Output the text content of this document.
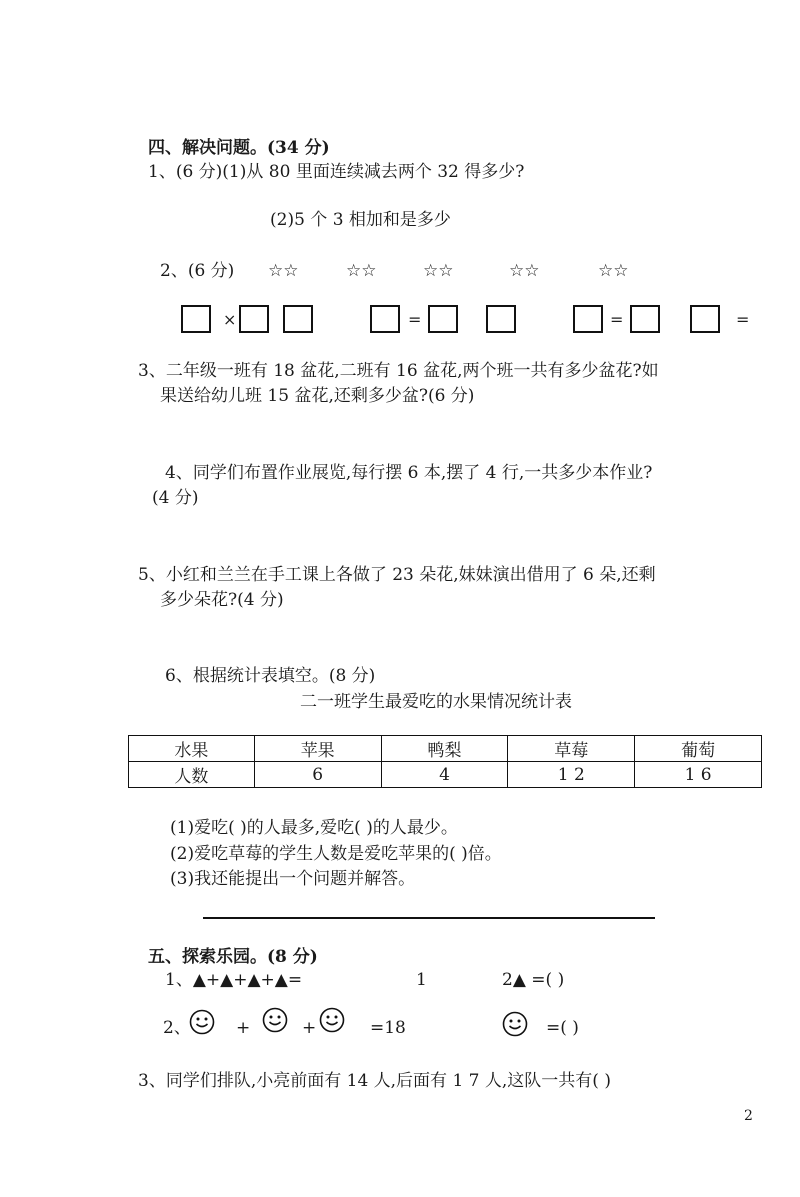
四、解决问题。(34 分)
1、(6 分)(1)从 80 里面连续减去两个 32 得多少?
(2)5 个 3 相加和是多少
2、(6 分) ☆☆	☆☆	☆☆	☆☆	☆☆
×	=	=	=
3、二年级一班有 18 盆花,二班有 16 盆花,两个班一共有多少盆花?如
果送给幼儿班 15 盆花,还剩多少盆?(6 分)
4、同学们布置作业展览,每行摆 6 本,摆了 4 行,一共多少本作业?
(4 分)
5、小红和兰兰在手工课上各做了 23 朵花,妹妹演出借用了 6 朵,还剩
多少朵花?(4 分)
6、根据统计表填空。(8 分)
二一班学生最爱吃的水果情况统计表
水果	苹果	鸭梨	草莓	葡萄
人数	6	4	1 2	1 6
(1)爱吃( )的人最多,爱吃( )的人最少。
(2)爱吃草莓的学生人数是爱吃苹果的( )倍。
(3)我还能提出一个问题并解答。
五、探索乐园。(8 分)
1、▲+▲+▲+▲=	1	2▲ =( )
2、	+	+	=18	=( )
3、同学们排队,小亮前面有 14 人,后面有 1 7 人,这队一共有( )
2
